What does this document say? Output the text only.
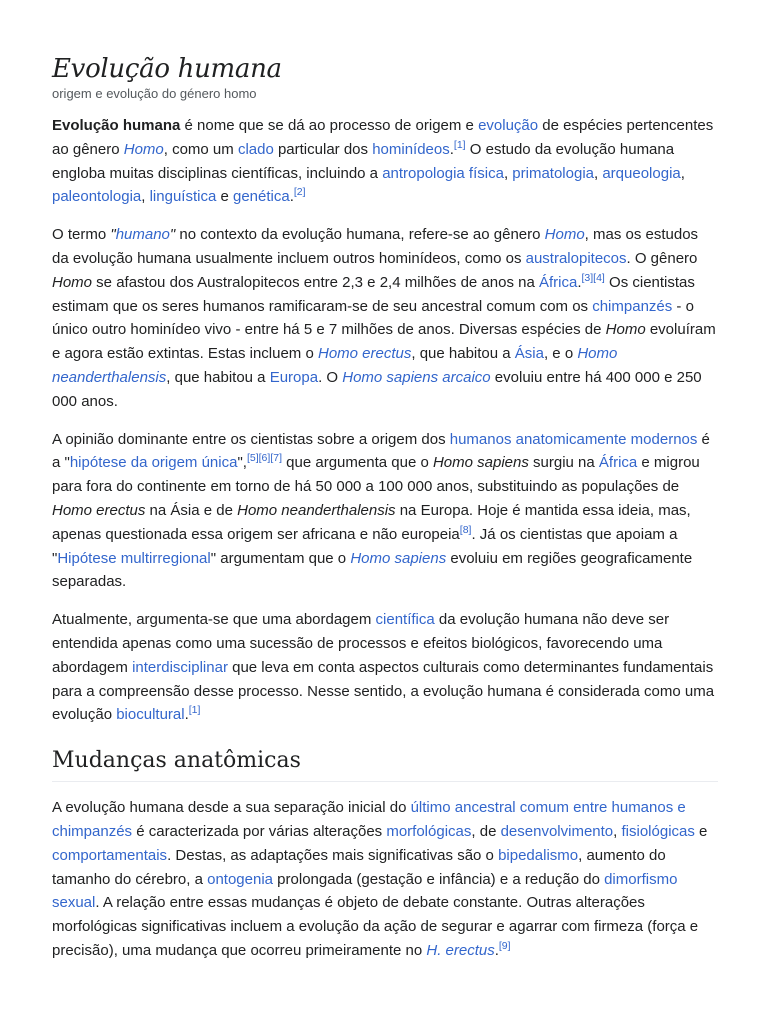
Evolução humana
origem e evolução do género homo

Evolução humana é nome que se dá ao processo de origem e evolução de espécies pertencentes ao gênero Homo, como um clado particular dos hominídeos.[1] O estudo da evolução humana engloba muitas disciplinas científicas, incluindo a antropologia física, primatologia, arqueologia, paleontologia, linguística e genética.[2]

O termo "humano" no contexto da evolução humana, refere-se ao gênero Homo, mas os estudos da evolução humana usualmente incluem outros hominídeos, como os australopitecos. O gênero Homo se afastou dos Australopitecos entre 2,3 e 2,4 milhões de anos na África.[3][4] Os cientistas estimam que os seres humanos ramificaram-se de seu ancestral comum com os chimpanzés - o único outro hominídeo vivo - entre há 5 e 7 milhões de anos. Diversas espécies de Homo evoluíram e agora estão extintas. Estas incluem o Homo erectus, que habitou a Ásia, e o Homo neanderthalensis, que habitou a Europa. O Homo sapiens arcaico evoluiu entre há 400 000 e 250 000 anos.

A opinião dominante entre os cientistas sobre a origem dos humanos anatomicamente modernos é a "hipótese da origem única",[5][6][7] que argumenta que o Homo sapiens surgiu na África e migrou para fora do continente em torno de há 50 000 a 100 000 anos, substituindo as populações de Homo erectus na Ásia e de Homo neanderthalensis na Europa. Hoje é mantida essa ideia, mas, apenas questionada essa origem ser africana e não europeia[8]. Já os cientistas que apoiam a "Hipótese multirregional" argumentam que o Homo sapiens evoluiu em regiões geograficamente separadas.

Atualmente, argumenta-se que uma abordagem científica da evolução humana não deve ser entendida apenas como uma sucessão de processos e efeitos biológicos, favorecendo uma abordagem interdisciplinar que leva em conta aspectos culturais como determinantes fundamentais para a compreensão desse processo. Nesse sentido, a evolução humana é considerada como uma evolução biocultural.[1]

Mudanças anatômicas

A evolução humana desde a sua separação inicial do último ancestral comum entre humanos e chimpanzés é caracterizada por várias alterações morfológicas, de desenvolvimento, fisiológicas e comportamentais. Destas, as adaptações mais significativas são o bipedalismo, aumento do tamanho do cérebro, a ontogenia prolongada (gestação e infância) e a redução do dimorfismo sexual. A relação entre essas mudanças é objeto de debate constante. Outras alterações morfológicas significativas incluem a evolução da ação de segurar e agarrar com firmeza (força e precisão), uma mudança que ocorreu primeiramente no H. erectus.[9]
